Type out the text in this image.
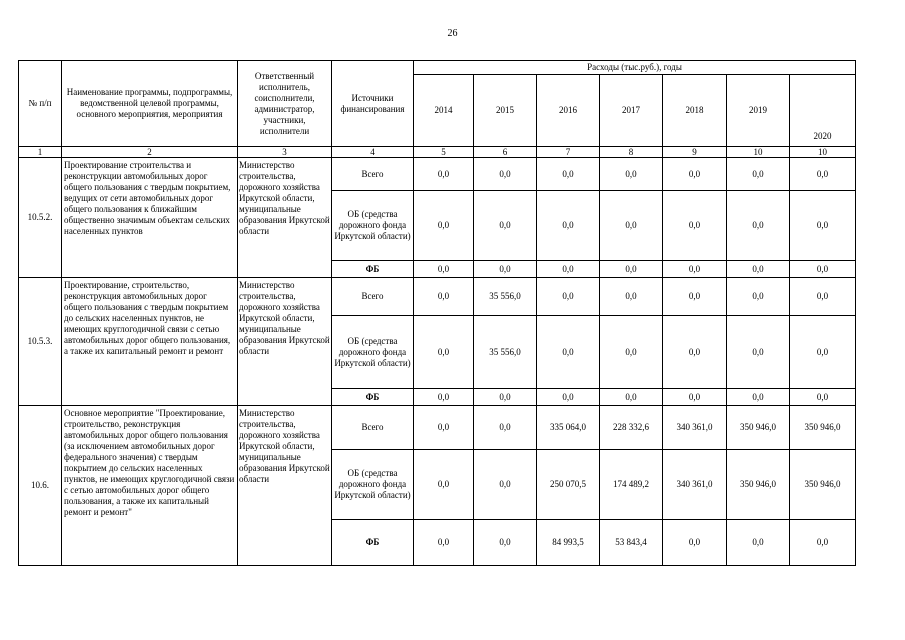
26
№ п/п	Наименование программы, подпрограммы, ведомственной целевой программы, основного мероприятия, мероприятия	Ответственный исполнитель, соисполнители, администратор, участники, исполнители	Источники финансирования	Расходы (тыс.руб.), годы						
				2014	2015	2016	2017	2018	2019	2020
1	2	3	4	5	6	7	8	9	10	10
10.5.2.	Проектирование строительства и реконструкции автомобильных дорог общего пользования с твердым покрытием, ведущих от сети автомобильных дорог общего пользования к ближайшим общественно значимым объектам сельских населенных пунктов	Министерство строительства, дорожного хозяйства Иркутской области, муниципальные образования Иркутской области	Всего	0,0	0,0	0,0	0,0	0,0	0,0	0,0
			ОБ (средства дорожного фонда Иркутской области)	0,0	0,0	0,0	0,0	0,0	0,0	0,0
			ФБ	0,0	0,0	0,0	0,0	0,0	0,0	0,0
10.5.3.	Проектирование, строительство, реконструкция автомобильных дорог общего пользования с твердым покрытием до сельских населенных пунктов, не имеющих круглогодичной связи с сетью автомобильных дорог общего пользования, а также их капитальный ремонт и ремонт	Министерство строительства, дорожного хозяйства Иркутской области, муниципальные образования Иркутской области	Всего	0,0	35 556,0	0,0	0,0	0,0	0,0	0,0
			ОБ (средства дорожного фонда Иркутской области)	0,0	35 556,0	0,0	0,0	0,0	0,0	0,0
			ФБ	0,0	0,0	0,0	0,0	0,0	0,0	0,0
10.6.	Основное мероприятие "Проектирование, строительство, реконструкция автомобильных дорог общего пользования (за исключением автомобильных дорог федерального значения) с твердым покрытием до сельских населенных пунктов, не имеющих круглогодичной связи с сетью автомобильных дорог общего пользования, а также их капитальный ремонт и ремонт"	Министерство строительства, дорожного хозяйства Иркутской области, муниципальные образования Иркутской области	Всего	0,0	0,0	335 064,0	228 332,6	340 361,0	350 946,0	350 946,0
			ОБ (средства дорожного фонда Иркутской области)	0,0	0,0	250 070,5	174 489,2	340 361,0	350 946,0	350 946,0
			ФБ	0,0	0,0	84 993,5	53 843,4	0,0	0,0	0,0
